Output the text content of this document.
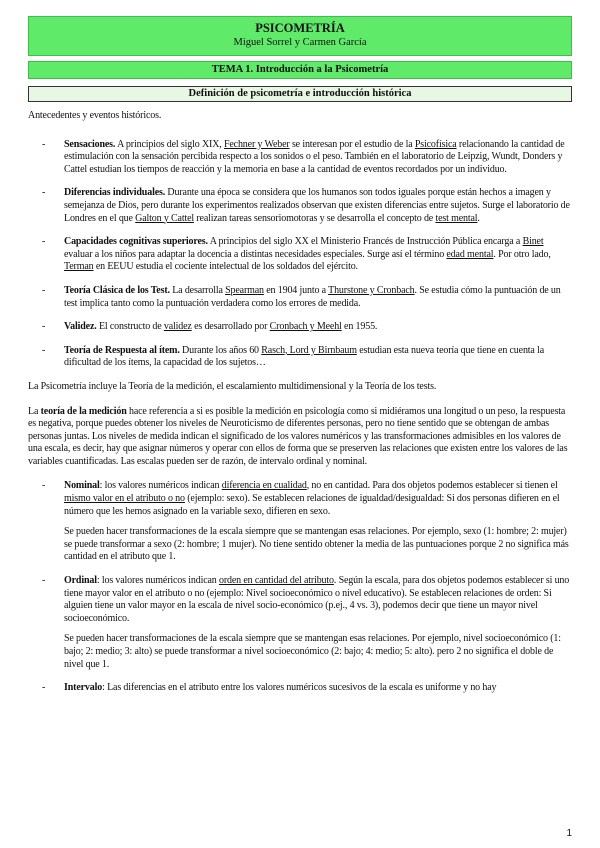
PSICOMETRÍA
Miguel Sorrel y Carmen García
TEMA 1. Introducción a la Psicometría
Definición de psicometría e introducción histórica

Antecedentes y eventos históricos.

- Sensaciones. A principios del siglo XIX, Fechner y Weber se interesan por el estudio de la Psicofísica relacionando la cantidad de estimulación con la sensación percibida respecto a los sonidos o el peso. También en el laboratorio de Leipzig, Wundt, Donders y Cattel estudian los tiempos de reacción y la memoria en base a la cantidad de eventos recordados por un individuo.
- Diferencias individuales. Durante una época se considera que los humanos son todos iguales porque están hechos a imagen y semejanza de Dios, pero durante los experimentos realizados observan que existen diferencias entre sujetos. Surge el laboratorio de Londres en el que Galton y Cattel realizan tareas sensoriomotoras y se desarrolla el concepto de test mental.
- Capacidades cognitivas superiores. A principios del siglo XX el Ministerio Francés de Instrucción Pública encarga a Binet evaluar a los niños para adaptar la docencia a distintas necesidades especiales. Surge así el término edad mental. Por otro lado, Terman en EEUU estudia el cociente intelectual de los soldados del ejército.
- Teoría Clásica de los Test. La desarrolla Spearman en 1904 junto a Thurstone y Cronbach. Se estudia cómo la puntuación de un test implica tanto como la puntuación verdadera como los errores de medida.
- Validez. El constructo de validez es desarrollado por Cronbach y Meehl en 1955.
- Teoría de Respuesta al ítem. Durante los años 60 Rasch, Lord y Birnbaum estudian esta nueva teoría que tiene en cuenta la dificultad de los ítems, la capacidad de los sujetos…

La Psicometría incluye la Teoría de la medición, el escalamiento multidimensional y la Teoría de los tests.

La teoría de la medición hace referencia a si es posible la medición en psicología como si midiéramos una longitud o un peso, la respuesta es negativa, porque puedes obtener los niveles de Neuroticismo de diferentes personas, pero no tiene sentido que se obtengan de ambas personas juntas. Los niveles de medida indican el significado de los valores numéricos y las transformaciones admisibles en los valores de una escala, es decir, hay que asignar números y operar con ellos de forma que se preserven las relaciones que existen entre los valores de las variables cuantificadas. Las escalas pueden ser de razón, de intervalo ordinal y nominal.

- Nominal: los valores numéricos indican diferencia en cualidad, no en cantidad. Para dos objetos podemos establecer si tienen el mismo valor en el atributo o no (ejemplo: sexo). Se establecen relaciones de igualdad/desigualdad: Si dos personas difieren en el número que les hemos asignado en la variable sexo, difieren en sexo.

Se pueden hacer transformaciones de la escala siempre que se mantengan esas relaciones. Por ejemplo, sexo (1: hombre; 2: mujer) se puede transformar a sexo (2: hombre; 1 mujer). No tiene sentido obtener la media de las puntuaciones porque 2 no significa más cantidad en el atributo que 1.

- Ordinal: los valores numéricos indican orden en cantidad del atributo. Según la escala, para dos objetos podemos establecer si uno tiene mayor valor en el atributo o no (ejemplo: Nivel socioeconómico o nivel educativo). Se establecen relaciones de orden: Si alguien tiene un valor mayor en la escala de nivel socio-económico (p.ej., 4 vs. 3), podemos decir que tiene un mayor nivel socioeconómico.

Se pueden hacer transformaciones de la escala siempre que se mantengan esas relaciones. Por ejemplo, nivel socioeconómico (1: bajo; 2: medio; 3: alto) se puede transformar a nivel socioeconómico (2: bajo; 4: medio; 5: alto). pero 2 no significa el doble de nivel que 1.

- Intervalo: Las diferencias en el atributo entre los valores numéricos sucesivos de la escala es uniforme y no hay
1
